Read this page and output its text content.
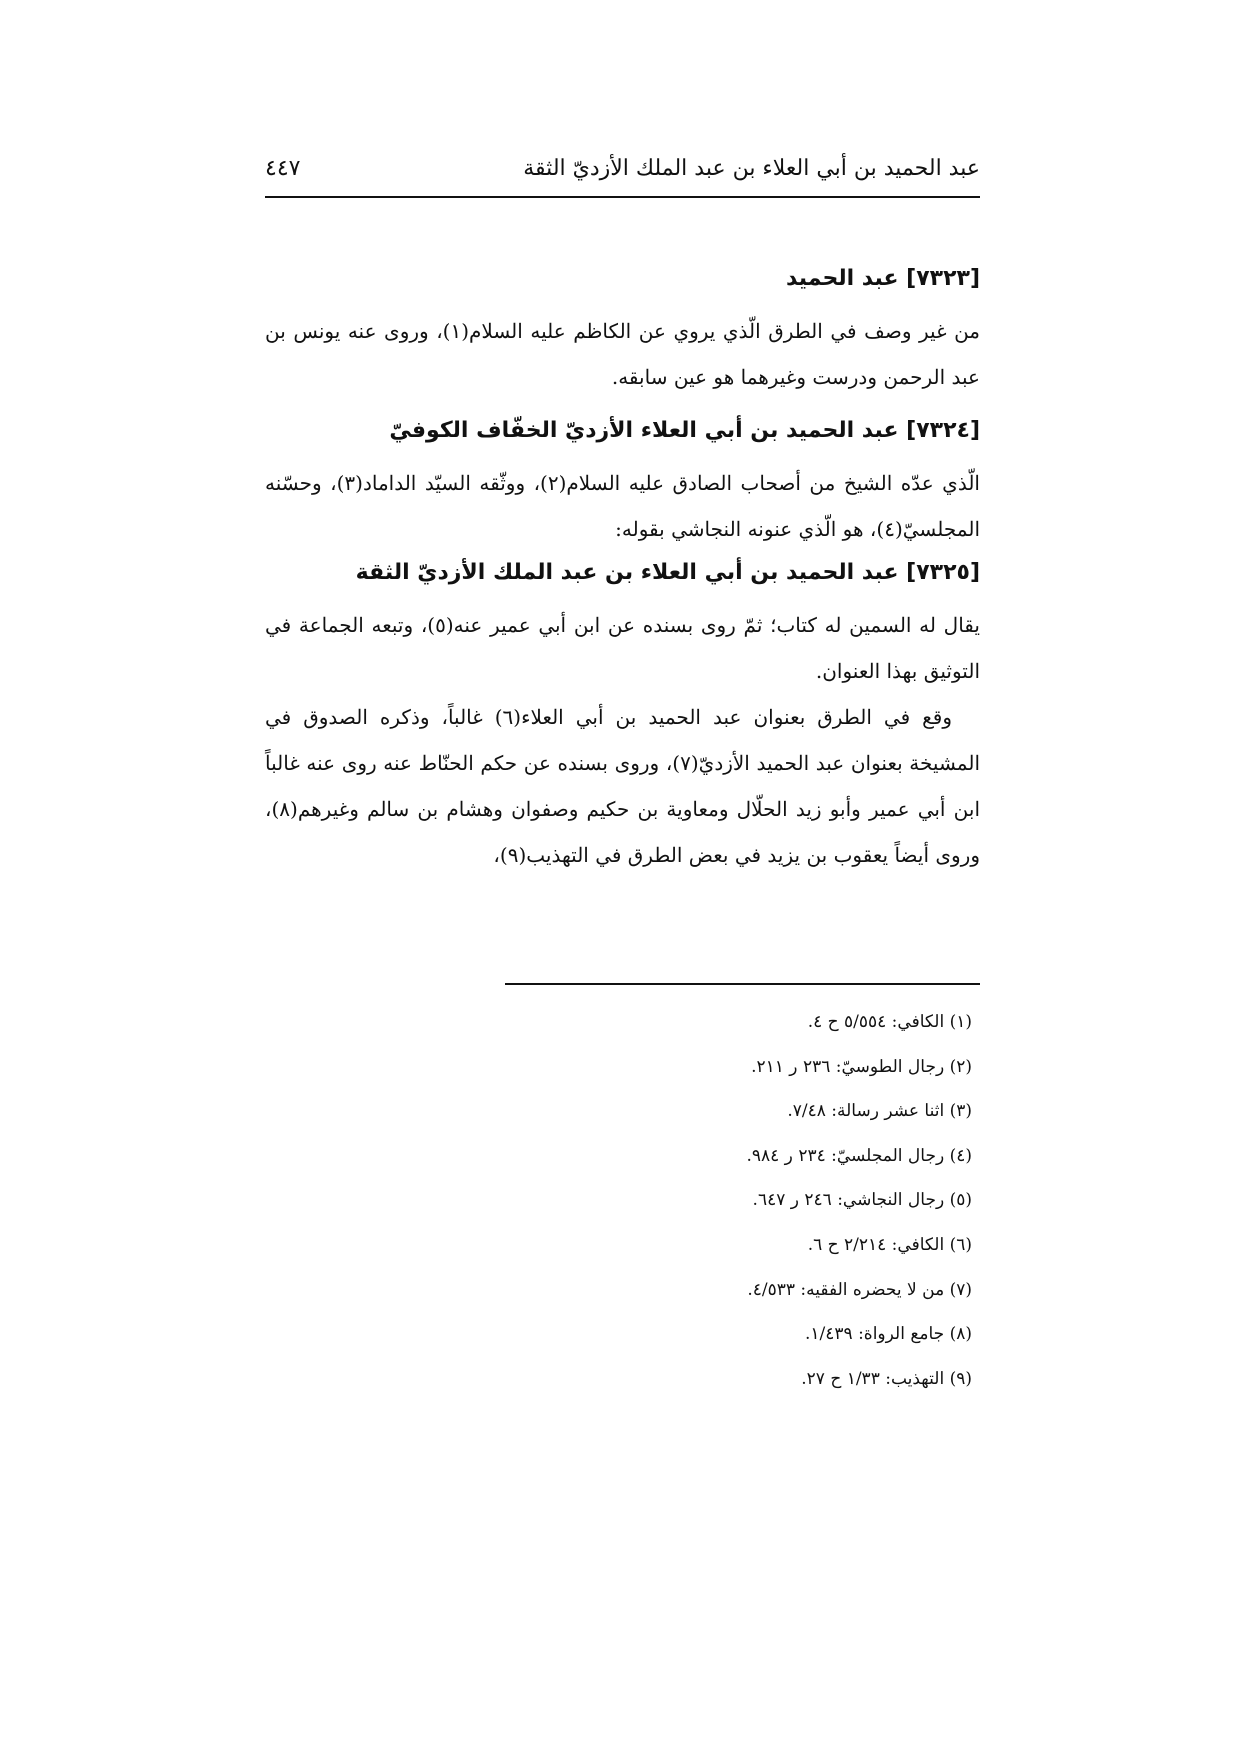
عبد الحميد بن أبي العلاء بن عبد الملك الأزديّ الثقة
٤٤٧
[٧٣٢٣] عبد الحميد

من غير وصف في الطرق الّذي يروي عن الكاظم عليه السلام(١)، وروى عنه يونس بن عبد الرحمن ودرست وغيرهما هو عين سابقه.

[٧٣٢٤] عبد الحميد بن أبي العلاء الأزديّ الخفّاف الكوفيّ

الّذي عدّه الشيخ من أصحاب الصادق عليه السلام(٢)، ووثّقه السيّد الداماد(٣)، وحسّنه المجلسيّ(٤)، هو الّذي عنونه النجاشي بقوله:

[٧٣٢٥] عبد الحميد بن أبي العلاء بن عبد الملك الأزديّ الثقة

يقال له السمين له كتاب؛ ثمّ روى بسنده عن ابن أبي عمير عنه(٥)، وتبعه الجماعة في التوثيق بهذا العنوان.

وقع في الطرق بعنوان عبد الحميد بن أبي العلاء(٦) غالباً، وذكره الصدوق في المشيخة بعنوان عبد الحميد الأزديّ(٧)، وروى بسنده عن حكم الحنّاط عنه روى عنه غالباً ابن أبي عمير وأبو زيد الحلّال ومعاوية بن حكيم وصفوان وهشام بن سالم وغيرهم(٨)، وروى أيضاً يعقوب بن يزيد في بعض الطرق في التهذيب(٩)،

(١) الكافي: ٥/٥٥٤ ح ٤.
(٢) رجال الطوسيّ: ٢٣٦ ر ٢١١.
(٣) اثنا عشر رسالة: ٧/٤٨.
(٤) رجال المجلسيّ: ٢٣٤ ر ٩٨٤.
(٥) رجال النجاشي: ٢٤٦ ر ٦٤٧.
(٦) الكافي: ٢/٢١٤ ح ٦.
(٧) من لا يحضره الفقيه: ٤/٥٣٣.
(٨) جامع الرواة: ١/٤٣٩.
(٩) التهذيب: ١/٣٣ ح ٢٧.
